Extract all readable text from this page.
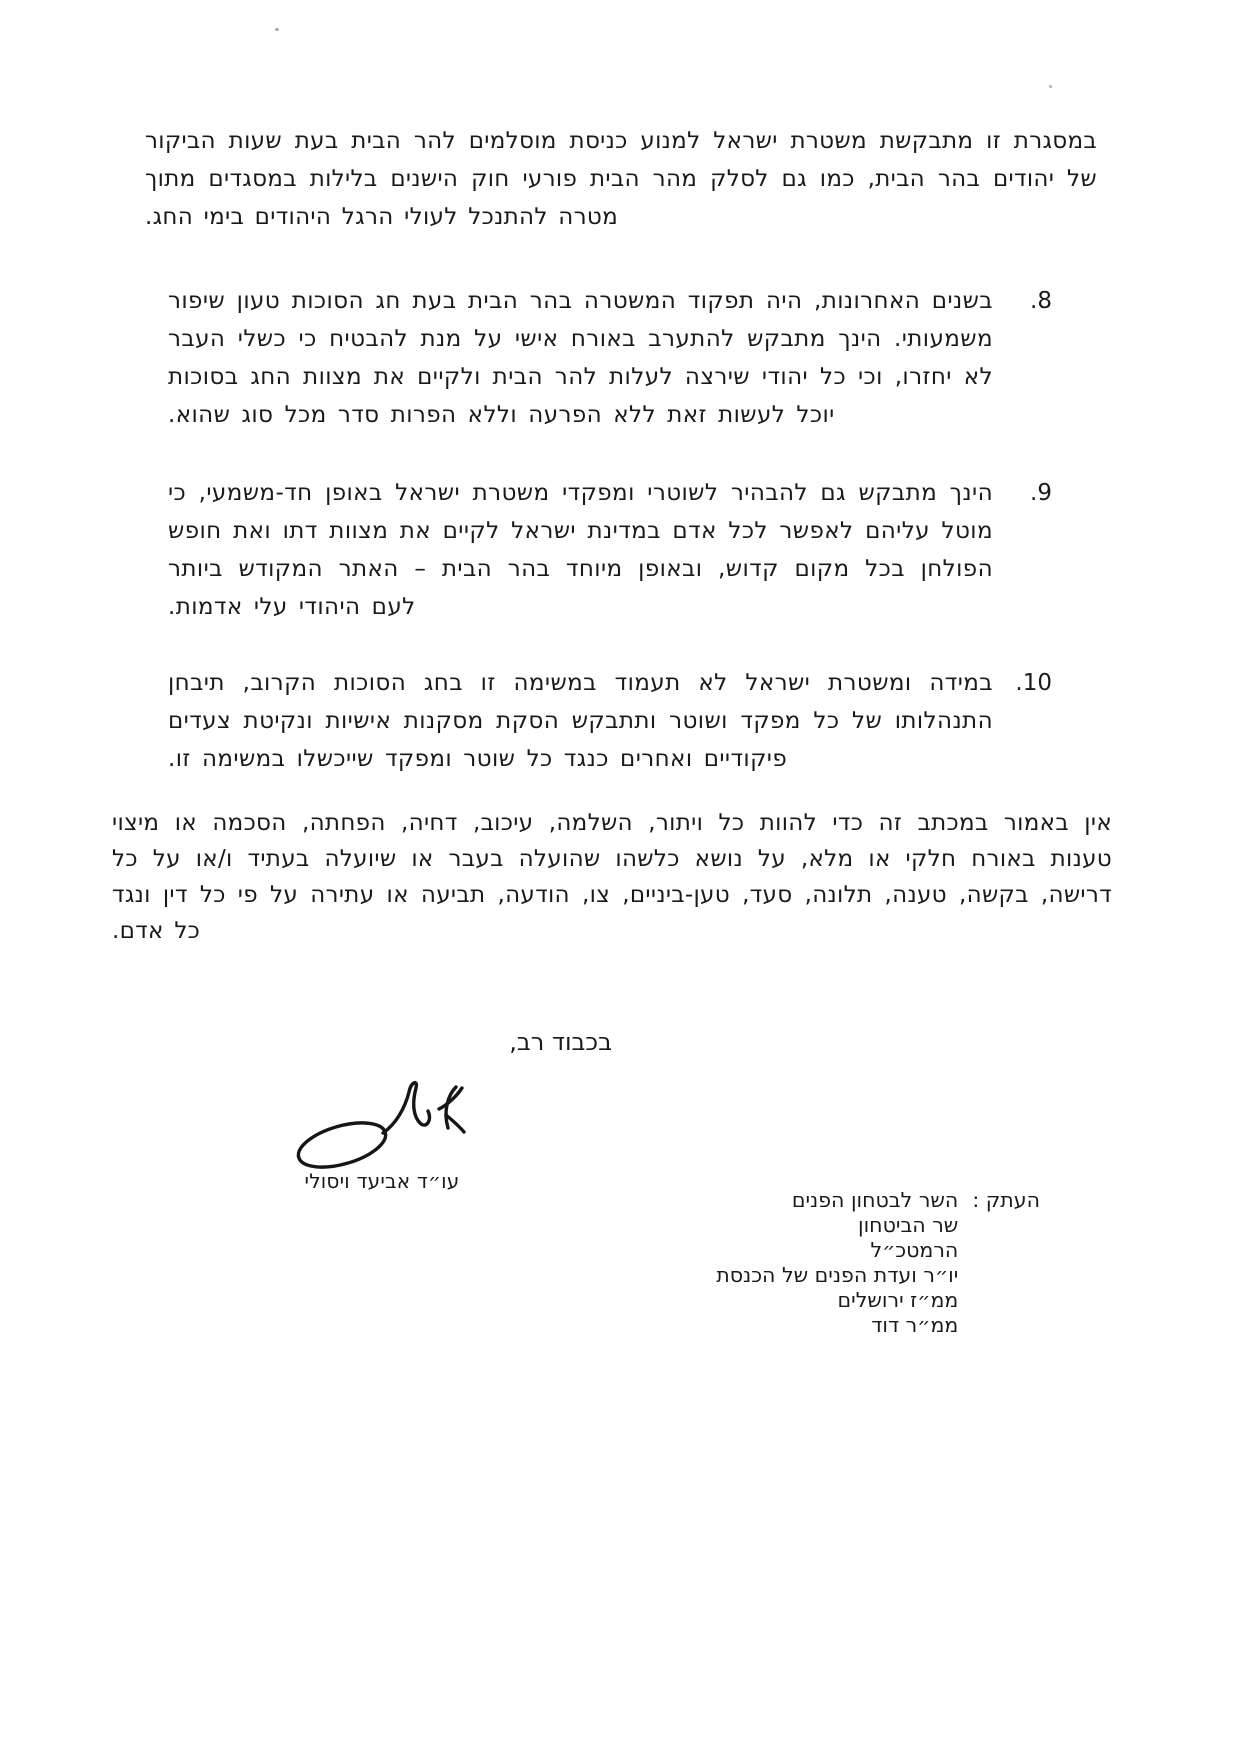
במסגרת זו מתבקשת משטרת ישראל למנוע כניסת מוסלמים להר הבית בעת שעות הביקור של יהודים בהר הבית, כמו גם לסלק מהר הבית פורעי חוק הישנים בלילות במסגדים מתוך מטרה להתנכל לעולי הרגל היהודים בימי החג.
8.
בשנים האחרונות, היה תפקוד המשטרה בהר הבית בעת חג הסוכות טעון שיפור משמעותי. הינך מתבקש להתערב באורח אישי על מנת להבטיח כי כשלי העבר לא יחזרו, וכי כל יהודי שירצה לעלות להר הבית ולקיים את מצוות החג בסוכות יוכל לעשות זאת ללא הפרעה וללא הפרות סדר מכל סוג שהוא.
9.
הינך מתבקש גם להבהיר לשוטרי ומפקדי משטרת ישראל באופן חד-משמעי, כי מוטל עליהם לאפשר לכל אדם במדינת ישראל לקיים את מצוות דתו ואת חופש הפולחן בכל מקום קדוש, ובאופן מיוחד בהר הבית – האתר המקודש ביותר לעם היהודי עלי אדמות.
10.
במידה ומשטרת ישראל לא תעמוד במשימה זו בחג הסוכות הקרוב, תיבחן התנהלותו של כל מפקד ושוטר ותתבקש הסקת מסקנות אישיות ונקיטת צעדים פיקודיים ואחרים כנגד כל שוטר ומפקד שייכשלו במשימה זו.
אין באמור במכתב זה כדי להוות כל ויתור, השלמה, עיכוב, דחיה, הפחתה, הסכמה או מיצוי טענות באורח חלקי או מלא, על נושא כלשהו שהועלה בעבר או שיועלה בעתיד ו/או על כל דרישה, בקשה, טענה, תלונה, סעד, טען-ביניים, צו, הודעה, תביעה או עתירה על פי כל דין ונגד כל אדם.
בכבוד רב,
עו״ד אביעד ויסולי
העתק :
השר לבטחון הפנים
שר הביטחון
הרמטכ״ל
יו״ר ועדת הפנים של הכנסת
ממ״ז ירושלים
ממ״ר דוד
